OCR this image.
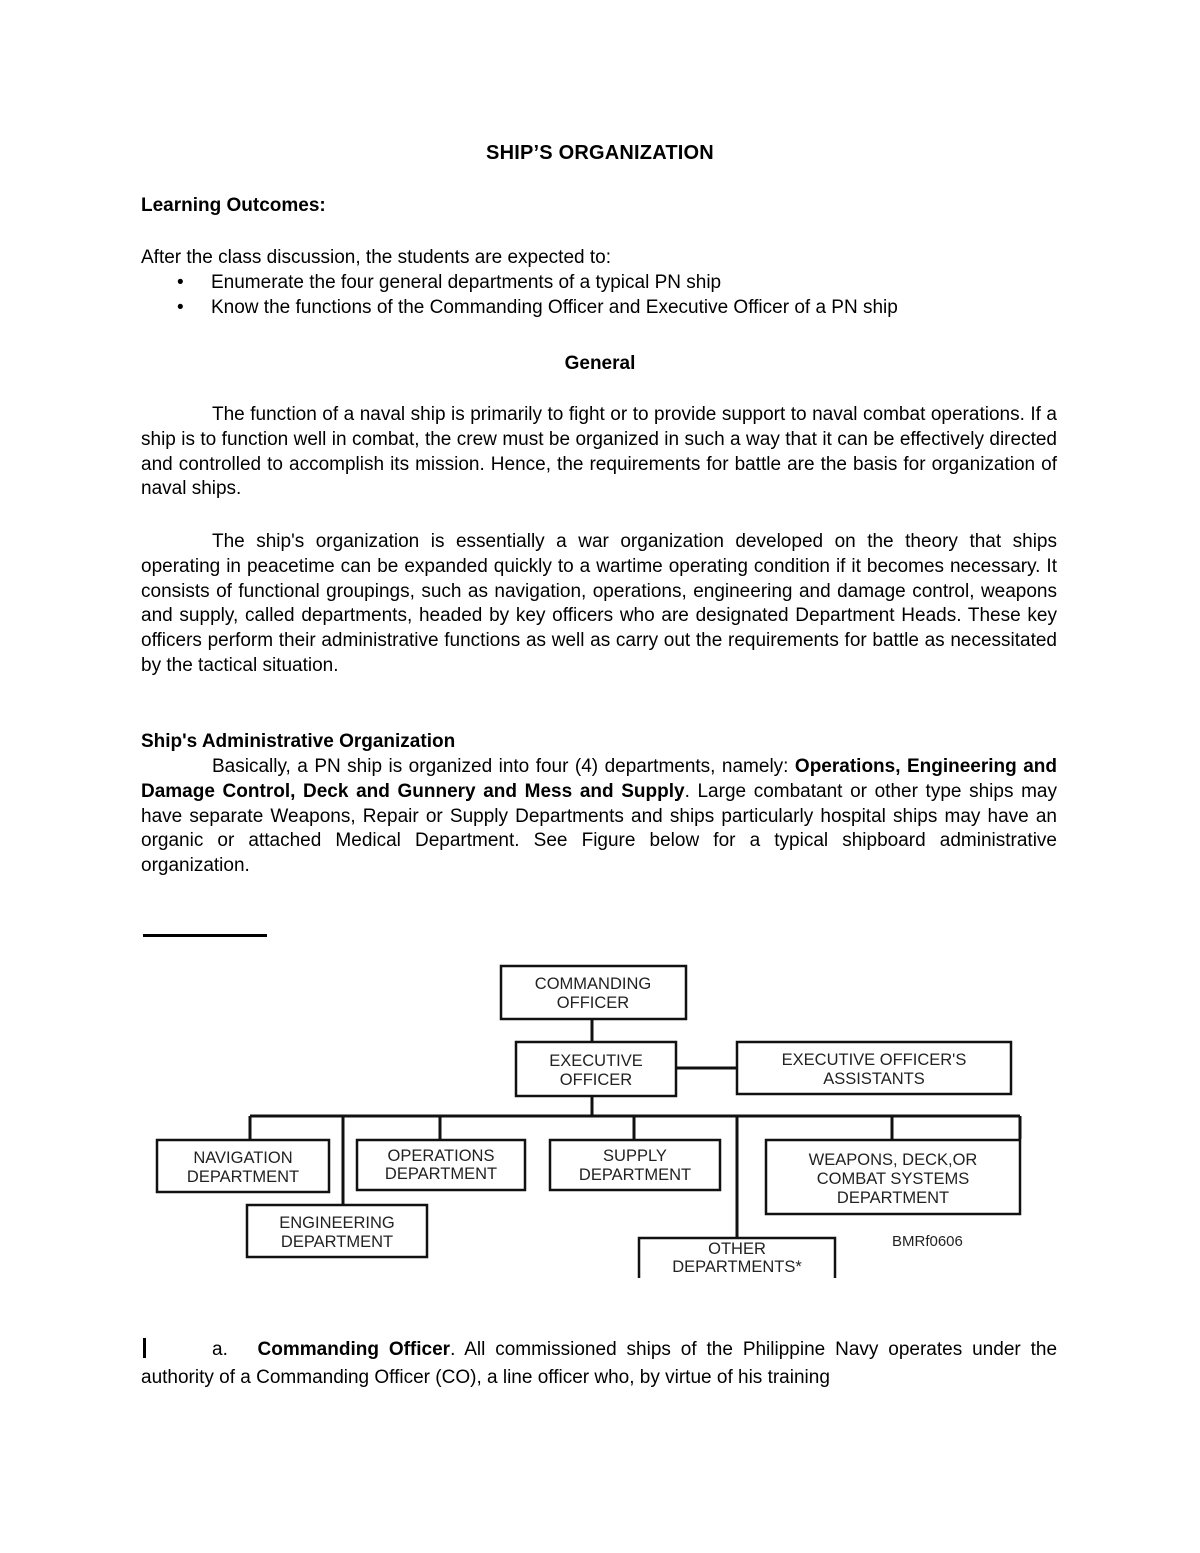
SHIP’S ORGANIZATION
Learning Outcomes:
After the class discussion, the students are expected to:
• Enumerate the four general departments of a typical PN ship
• Know the functions of the Commanding Officer and Executive Officer of a PN ship
General
The function of a naval ship is primarily to fight or to provide support to naval combat operations. If a ship is to function well in combat, the crew must be organized in such a way that it can be effectively directed and controlled to accomplish its mission. Hence, the requirements for battle are the basis for organization of naval ships.
The ship's organization is essentially a war organization developed on the theory that ships operating in peacetime can be expanded quickly to a wartime operating condition if it becomes necessary. It consists of functional groupings, such as navigation, operations, engineering and damage control, weapons and supply, called departments, headed by key officers who are designated Department Heads. These key officers perform their administrative functions as well as carry out the requirements for battle as necessitated by the tactical situation.
Ship's Administrative Organization
Basically, a PN ship is organized into four (4) departments, namely: Operations, Engineering and Damage Control, Deck and Gunnery and Mess and Supply. Large combatant or other type ships may have separate Weapons, Repair or Supply Departments and ships particularly hospital ships may have an organic or attached Medical Department. See Figure below for a typical shipboard administrative organization.
COMMANDING
OFFICER
EXECUTIVE
OFFICER
EXECUTIVE OFFICER'S
ASSISTANTS
NAVIGATION
DEPARTMENT
OPERATIONS
DEPARTMENT
SUPPLY
DEPARTMENT
WEAPONS, DECK,OR
COMBAT SYSTEMS
DEPARTMENT
ENGINEERING
DEPARTMENT	OTHER
DEPARTMENTS*
BMRf0606
a. Commanding Officer. All commissioned ships of the Philippine Navy operates under the authority of a Commanding Officer (CO), a line officer who, by virtue of his training
